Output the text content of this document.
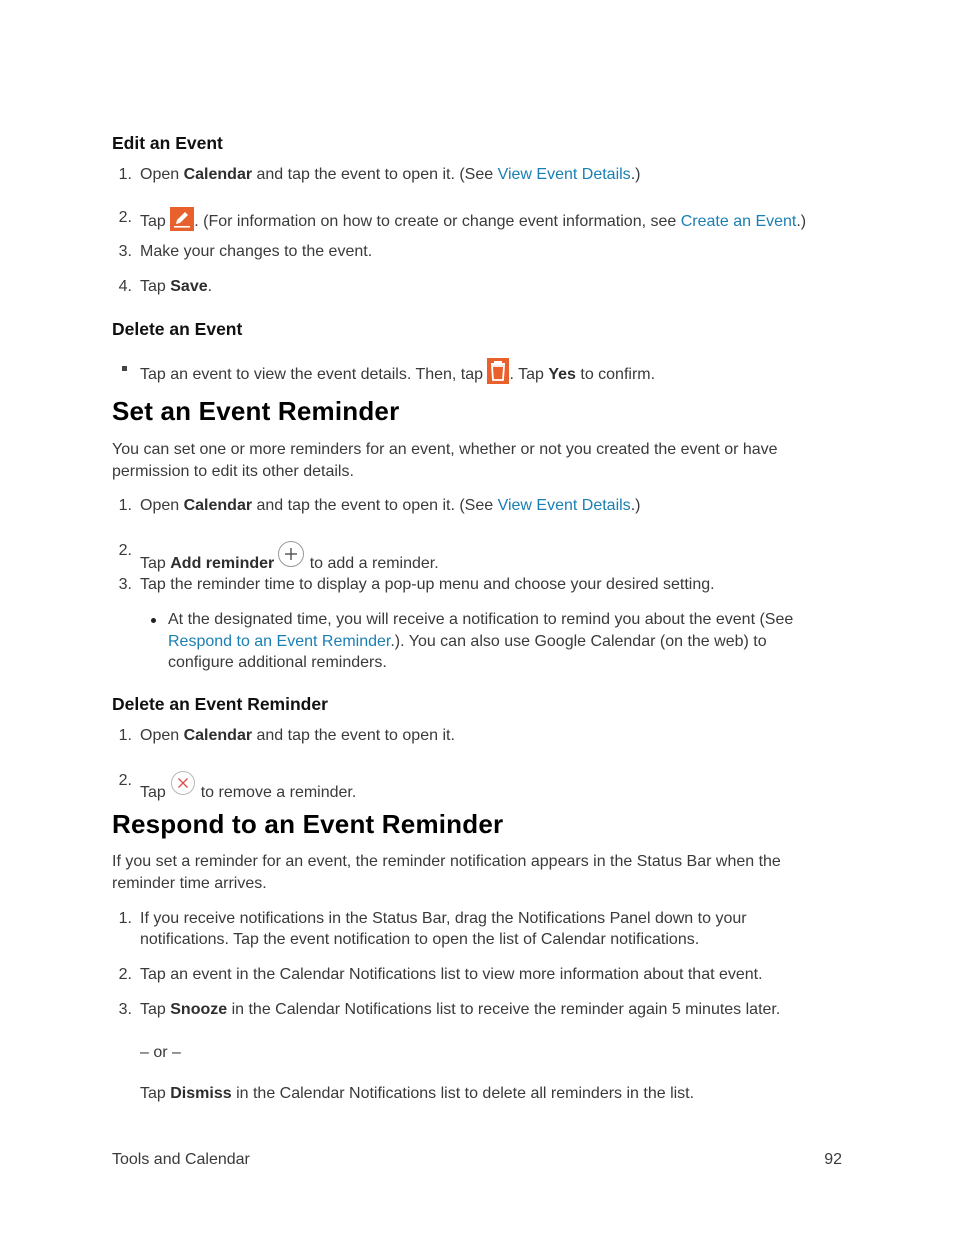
Edit an Event
1. Open Calendar and tap the event to open it. (See View Event Details.)
2. Tap . (For information on how to create or change event information, see Create an Event.)
3. Make your changes to the event.
4. Tap Save.
Delete an Event
Tap an event to view the event details. Then, tap . Tap Yes to confirm.
Set an Event Reminder
You can set one or more reminders for an event, whether or not you created the event or have
permission to edit its other details.
1. Open Calendar and tap the event to open it. (See View Event Details.)
2.
Tap Add reminder to add a reminder.
3. Tap the reminder time to display a pop-up menu and choose your desired setting.
At the designated time, you will receive a notification to remind you about the event (See
Respond to an Event Reminder.). You can also use Google Calendar (on the web) to
configure additional reminders.
Delete an Event Reminder
1. Open Calendar and tap the event to open it.
2.
Tap  to remove a reminder.
Respond to an Event Reminder
If you set a reminder for an event, the reminder notification appears in the Status Bar when the
reminder time arrives.
1. If you receive notifications in the Status Bar, drag the Notifications Panel down to your
notifications. Tap the event notification to open the list of Calendar notifications.
2. Tap an event in the Calendar Notifications list to view more information about that event.
3. Tap Snooze in the Calendar Notifications list to receive the reminder again 5 minutes later.
– or –
Tap Dismiss in the Calendar Notifications list to delete all reminders in the list.
Tools and Calendar	92
